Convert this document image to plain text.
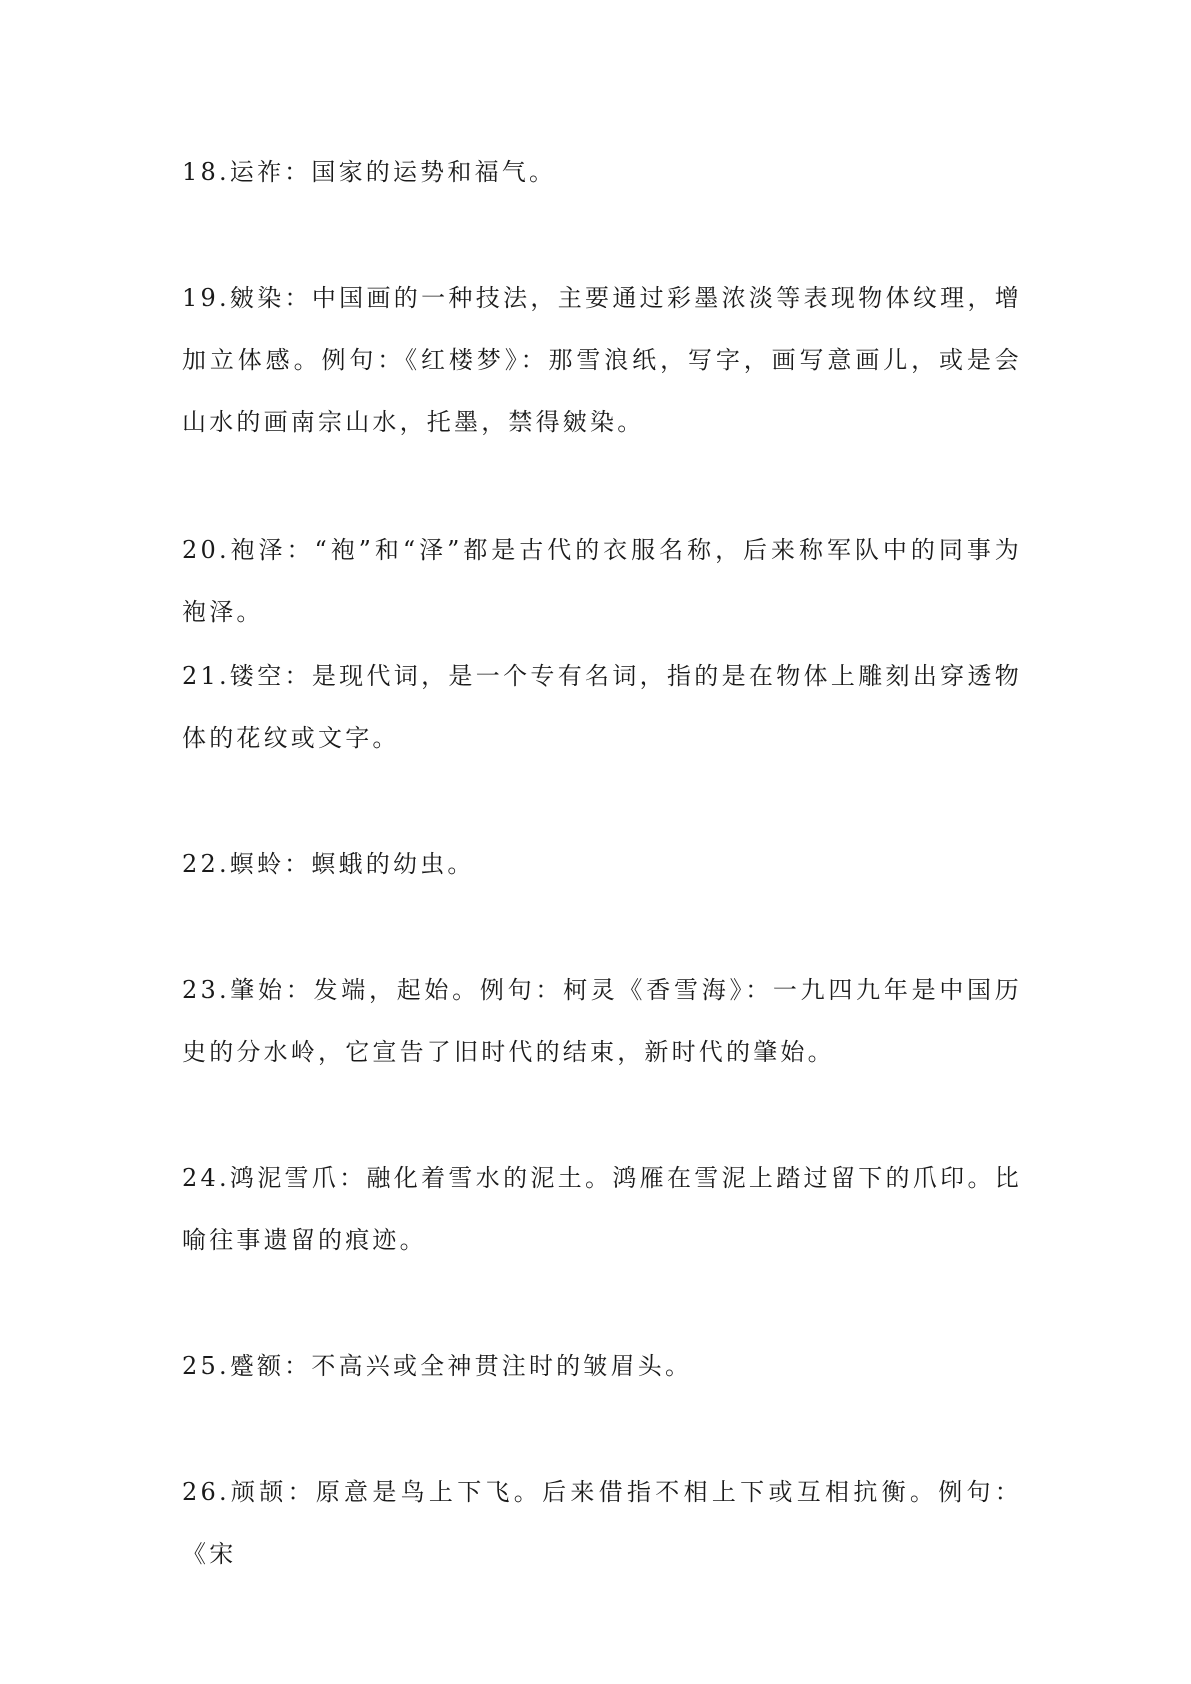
18.运祚：国家的运势和福气。

19.皴染：中国画的一种技法，主要通过彩墨浓淡等表现物体纹理，增加立体感。例句：《红楼梦》：那雪浪纸，写字，画写意画儿，或是会山水的画南宗山水，托墨，禁得皴染。

20.袍泽：“袍”和“泽”都是古代的衣服名称，后来称军队中的同事为袍泽。

21.镂空：是现代词，是一个专有名词，指的是在物体上雕刻出穿透物体的花纹或文字。

22.螟蛉：螟蛾的幼虫。

23.肇始：发端，起始。例句：柯灵《香雪海》：一九四九年是中国历史的分水岭，它宣告了旧时代的结束，新时代的肇始。

24.鸿泥雪爪：融化着雪水的泥土。鸿雁在雪泥上踏过留下的爪印。比喻往事遗留的痕迹。

25.蹙额：不高兴或全神贯注时的皱眉头。

26.颃颉：原意是鸟上下飞。后来借指不相上下或互相抗衡。例句：《宋
